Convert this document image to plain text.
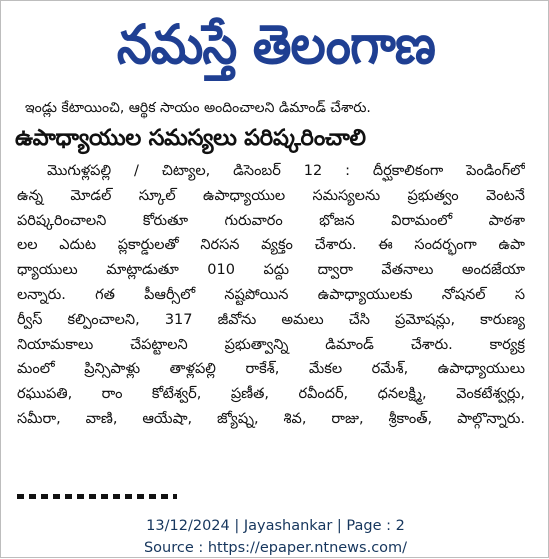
నమస్తే తెలంగాణ
ఇండ్లు కేటాయించి, ఆర్థిక సాయం అందించాలని డిమాండ్ చేశారు.
ఉపాధ్యాయుల సమస్యలు పరిష్కరించాలి
మొగుళ్లపల్లి / చిట్యాల, డిసెంబర్ 12 : దీర్ఘకాలికంగా పెండింగ్‌లో
ఉన్న మోడల్ స్కూల్ ఉపాధ్యాయుల సమస్యలను ప్రభుత్వం వెంటనే
పరిష్కరించాలని కోరుతూ గురువారం భోజన విరామంలో పాఠశా
లల ఎదుట ప్లకార్డులతో నిరసన వ్యక్తం చేశారు. ఈ సందర్భంగా ఉపా
ధ్యాయులు మాట్లాడుతూ 010 పద్దు ద్వారా వేతనాలు అందజేయా
లన్నారు. గత పీఆర్సీలో నష్టపోయిన ఉపాధ్యాయులకు నోషనల్ స
ర్వీస్ కల్పించాలని, 317 జీవోను అమలు చేసి ప్రమోషన్లు, కారుణ్య
నియామకాలు చేపట్టాలని ప్రభుత్వాన్ని డిమాండ్ చేశారు. కార్యక్ర
మంలో ప్రిన్సిపాళ్లు తాళ్లపల్లి రాకేశ్, మేకల రమేశ్, ఉపాధ్యాయులు
రఘుపతి, రాం కోటేశ్వర్, ప్రణీత, రవీందర్, ధనలక్ష్మి, వెంకటేశ్వర్లు,
సమీరా, వాణి, ఆయేషా, జ్యోష్న, శివ, రాజు, శ్రీకాంత్, పాల్గొన్నారు.
13/12/2024 | Jayashankar | Page : 2
Source : https://epaper.ntnews.com/
